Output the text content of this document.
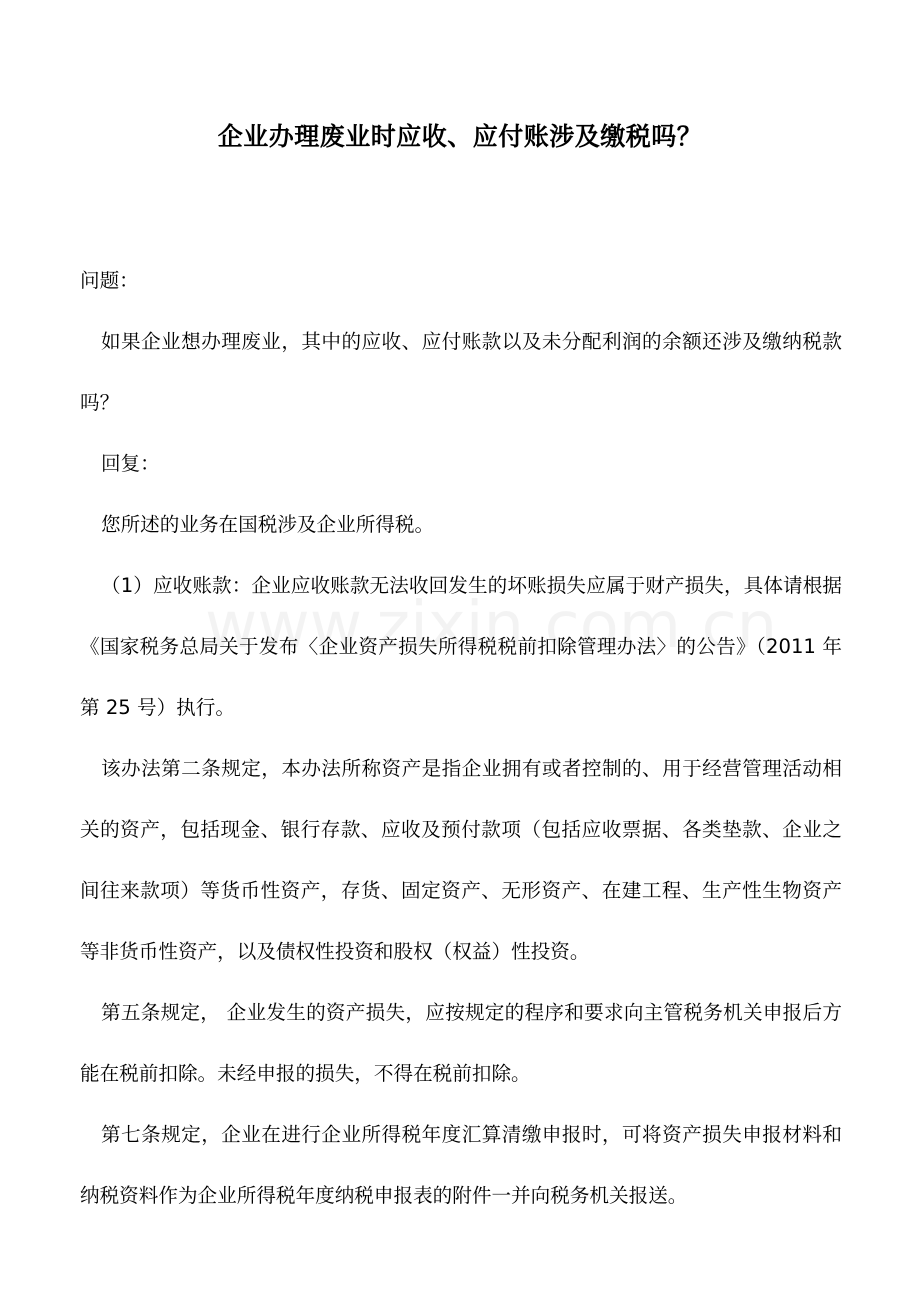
企业办理废业时应收、应付账涉及缴税吗？

问题：

如果企业想办理废业，其中的应收、应付账款以及未分配利润的余额还涉及缴纳税款吗？

回复：

您所述的业务在国税涉及企业所得税。

（1）应收账款：企业应收账款无法收回发生的坏账损失应属于财产损失，具体请根据《国家税务总局关于发布〈企业资产损失所得税税前扣除管理办法〉的公告》（2011 年第 25 号）执行。

该办法第二条规定，本办法所称资产是指企业拥有或者控制的、用于经营管理活动相关的资产，包括现金、银行存款、应收及预付款项（包括应收票据、各类垫款、企业之间往来款项）等货币性资产，存货、固定资产、无形资产、在建工程、生产性生物资产等非货币性资产，以及债权性投资和股权（权益）性投资。

第五条规定， 企业发生的资产损失，应按规定的程序和要求向主管税务机关申报后方能在税前扣除。未经申报的损失，不得在税前扣除。

第七条规定，企业在进行企业所得税年度汇算清缴申报时，可将资产损失申报材料和纳税资料作为企业所得税年度纳税申报表的附件一并向税务机关报送。
